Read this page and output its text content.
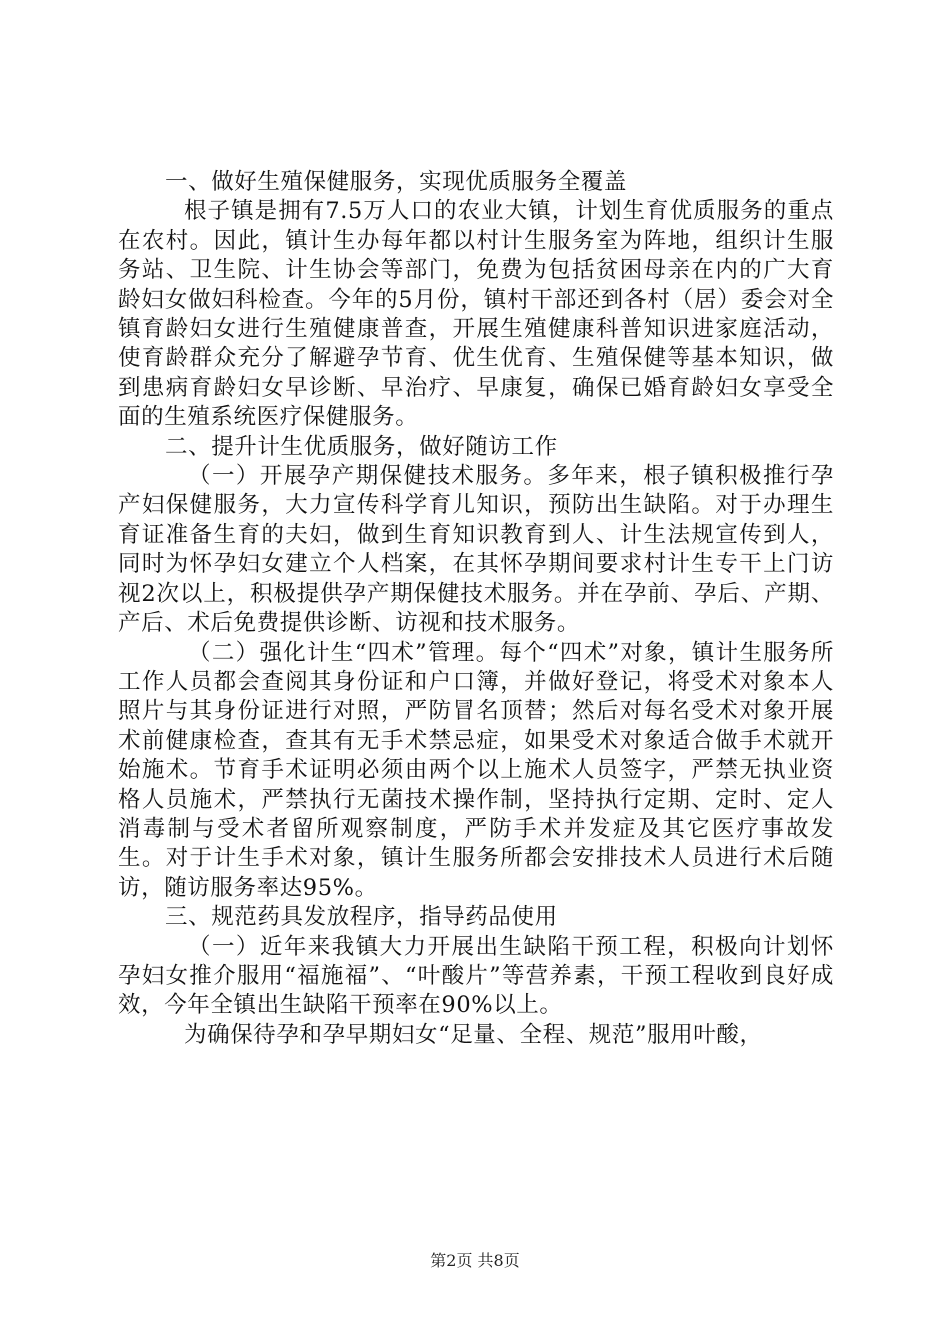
一、做好生殖保健服务，实现优质服务全覆盖

根子镇是拥有7.5万人口的农业大镇，计划生育优质服务的重点在农村。因此，镇计生办每年都以村计生服务室为阵地，组织计生服务站、卫生院、计生协会等部门，免费为包括贫困母亲在内的广大育龄妇女做妇科检查。今年的5月份，镇村干部还到各村（居）委会对全镇育龄妇女进行生殖健康普查，开展生殖健康科普知识进家庭活动，使育龄群众充分了解避孕节育、优生优育、生殖保健等基本知识，做到患病育龄妇女早诊断、早治疗、早康复，确保已婚育龄妇女享受全面的生殖系统医疗保健服务。

二、提升计生优质服务，做好随访工作

（一）开展孕产期保健技术服务。多年来，根子镇积极推行孕产妇保健服务，大力宣传科学育儿知识，预防出生缺陷。对于办理生育证准备生育的夫妇，做到生育知识教育到人、计生法规宣传到人，同时为怀孕妇女建立个人档案，在其怀孕期间要求村计生专干上门访视2次以上，积极提供孕产期保健技术服务。并在孕前、孕后、产期、产后、术后免费提供诊断、访视和技术服务。

（二）强化计生“四术”管理。每个“四术”对象，镇计生服务所工作人员都会查阅其身份证和户口簿，并做好登记，将受术对象本人照片与其身份证进行对照，严防冒名顶替；然后对每名受术对象开展术前健康检查，查其有无手术禁忌症，如果受术对象适合做手术就开始施术。节育手术证明必须由两个以上施术人员签字，严禁无执业资格人员施术，严禁执行无菌技术操作制，坚持执行定期、定时、定人消毒制与受术者留所观察制度，严防手术并发症及其它医疗事故发生。对于计生手术对象，镇计生服务所都会安排技术人员进行术后随访，随访服务率达95%。

三、规范药具发放程序，指导药品使用

（一）近年来我镇大力开展出生缺陷干预工程，积极向计划怀孕妇女推介服用“福施福”、“叶酸片”等营养素，干预工程收到良好成效，今年全镇出生缺陷干预率在90%以上。

为确保待孕和孕早期妇女“足量、全程、规范”服用叶酸，

第2页 共8页
